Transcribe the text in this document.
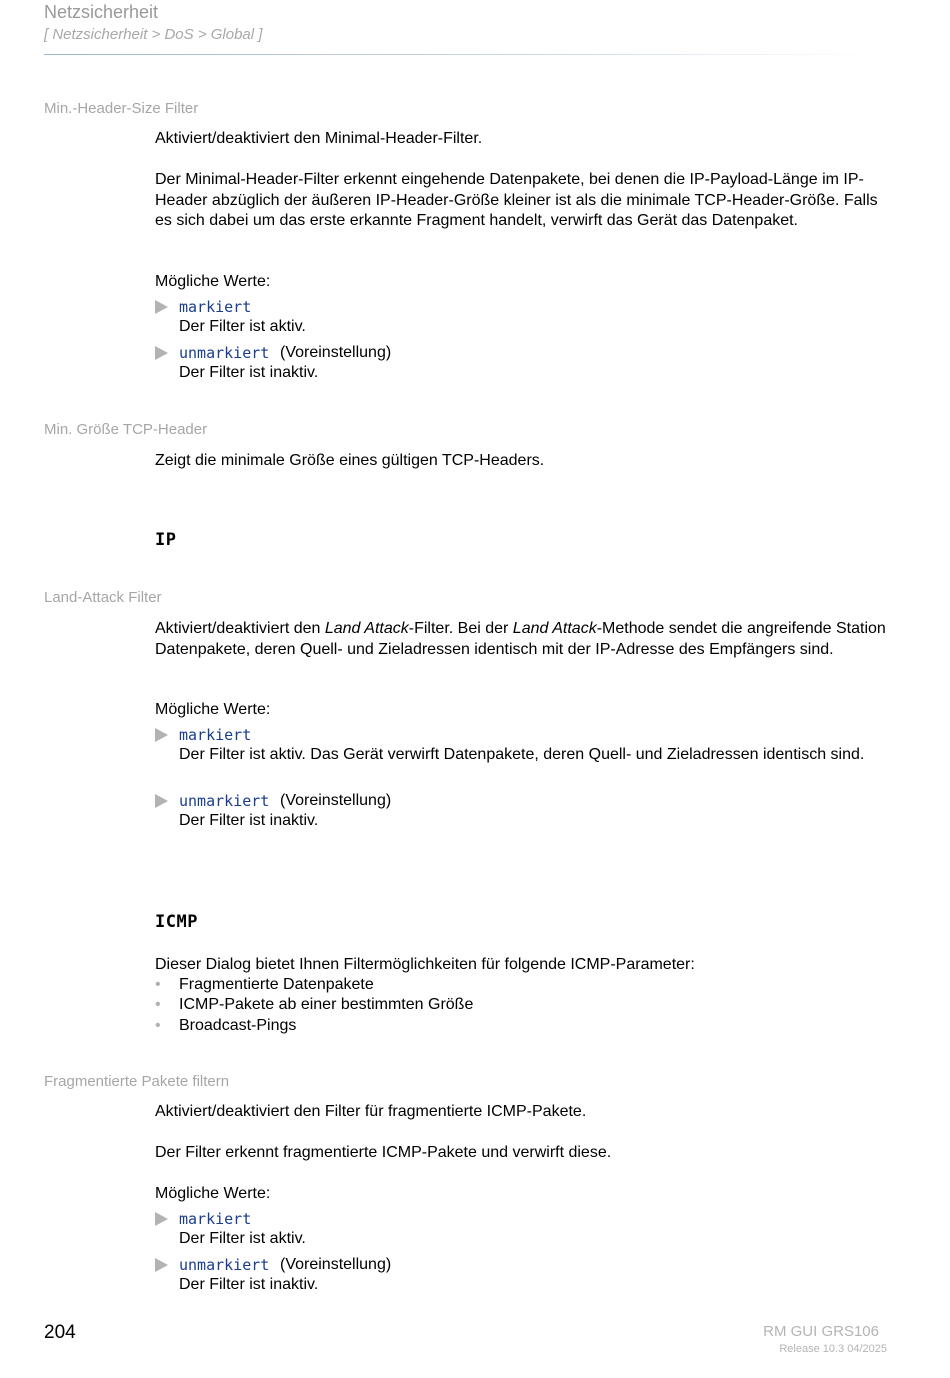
Netzsicherheit
[ Netzsicherheit > DoS > Global ]
Min.-Header-Size Filter
Aktiviert/deaktiviert den Minimal-Header-Filter.
Der Minimal-Header-Filter erkennt eingehende Datenpakete, bei denen die IP-Payload-Länge im IP-Header abzüglich der äußeren IP-Header-Größe kleiner ist als die minimale TCP-Header-Größe. Falls es sich dabei um das erste erkannte Fragment handelt, verwirft das Gerät das Datenpaket.
Mögliche Werte:
markiert
Der Filter ist aktiv.
unmarkiert (Voreinstellung)
Der Filter ist inaktiv.
Min. Größe TCP-Header
Zeigt die minimale Größe eines gültigen TCP-Headers.
IP
Land-Attack Filter
Aktiviert/deaktiviert den Land Attack-Filter. Bei der Land Attack-Methode sendet die angreifende Station Datenpakete, deren Quell- und Zieladressen identisch mit der IP-Adresse des Empfängers sind.
Mögliche Werte:
markiert
Der Filter ist aktiv. Das Gerät verwirft Datenpakete, deren Quell- und Zieladressen identisch sind.
unmarkiert (Voreinstellung)
Der Filter ist inaktiv.
ICMP
Dieser Dialog bietet Ihnen Filtermöglichkeiten für folgende ICMP-Parameter:
• Fragmentierte Datenpakete
• ICMP-Pakete ab einer bestimmten Größe
• Broadcast-Pings
Fragmentierte Pakete filtern
Aktiviert/deaktiviert den Filter für fragmentierte ICMP-Pakete.
Der Filter erkennt fragmentierte ICMP-Pakete und verwirft diese.
Mögliche Werte:
markiert
Der Filter ist aktiv.
unmarkiert (Voreinstellung)
Der Filter ist inaktiv.
204	RM GUI GRS106
Release 10.3 04/2025
